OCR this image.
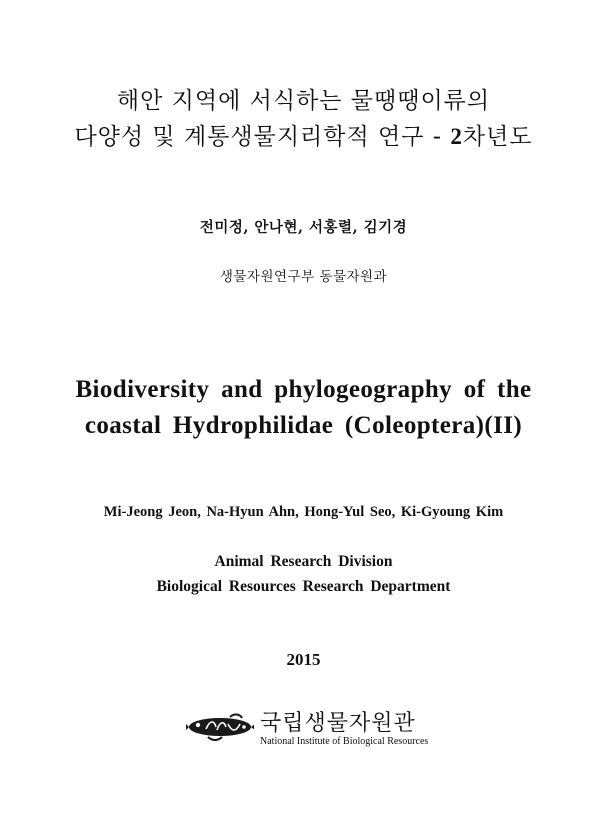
해안 지역에 서식하는 물땡땡이류의
다양성 및 계통생물지리학적 연구 - 2차년도
전미정, 안나현, 서홍렬, 김기경
생물자원연구부 동물자원과
Biodiversity and phylogeography of the
coastal Hydrophilidae (Coleoptera)(II)
Mi-Jeong Jeon, Na-Hyun Ahn, Hong-Yul Seo, Ki-Gyoung Kim
Animal Research Division
Biological Resources Research Department
2015
국립생물자원관
National Institute of Biological Resources
